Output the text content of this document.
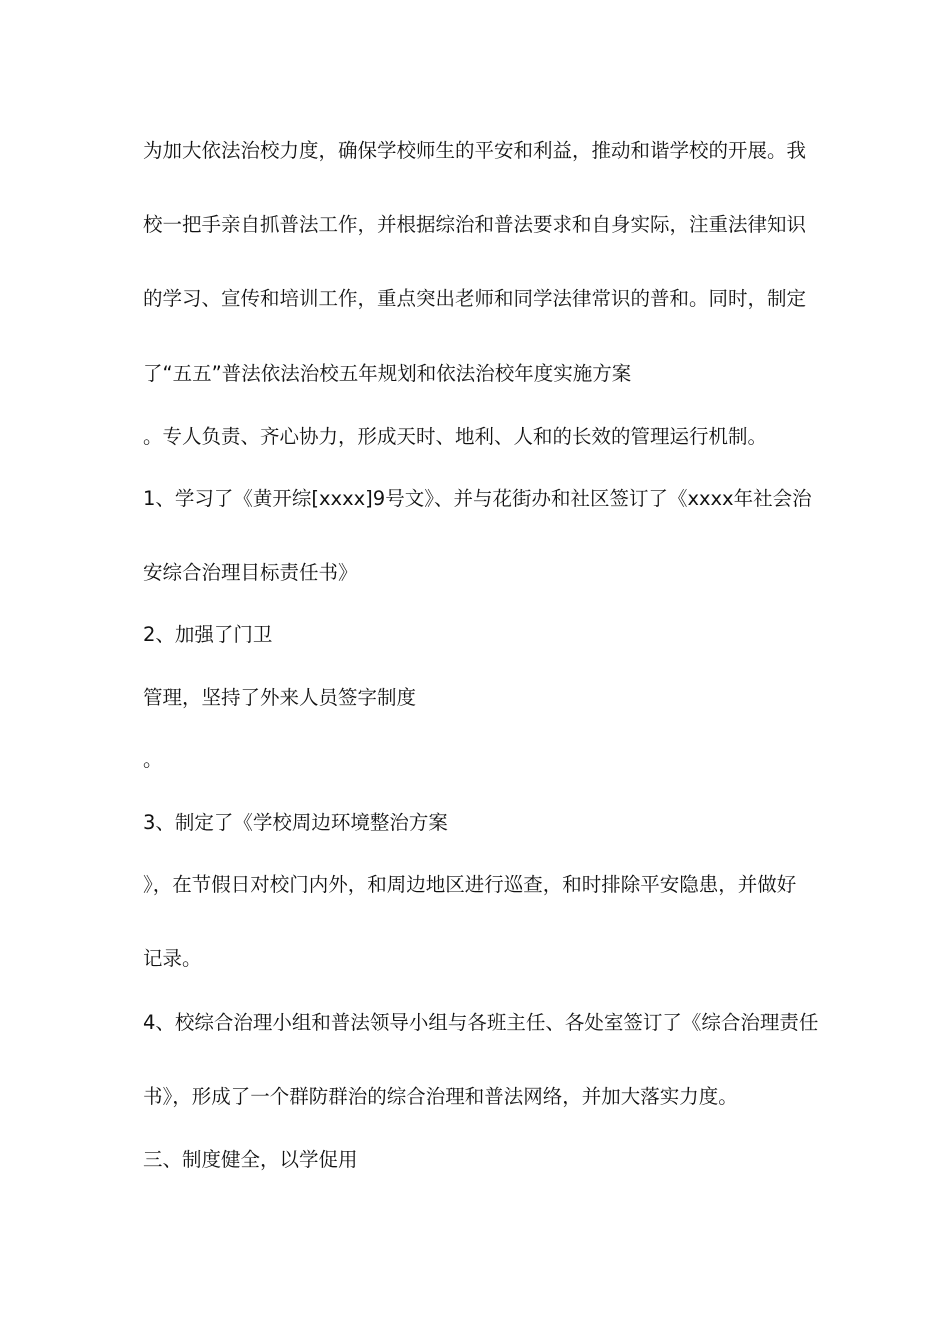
为加大依法治校力度，确保学校师生的平安和利益，推动和谐学校的开展。我
校一把手亲自抓普法工作，并根据综治和普法要求和自身实际，注重法律知识
的学习、宣传和培训工作，重点突出老师和同学法律常识的普和。同时，制定
了“五五”普法依法治校五年规划和依法治校年度实施方案
。专人负责、齐心协力，形成天时、地利、人和的长效的管理运行机制。
1、学习了《黄开综[xxxx]9号文》、并与花街办和社区签订了《xxxx年社会治
安综合治理目标责任书》
2、加强了门卫
管理，坚持了外来人员签字制度
。
3、制定了《学校周边环境整治方案
》，在节假日对校门内外，和周边地区进行巡查，和时排除平安隐患，并做好
记录。
4、校综合治理小组和普法领导小组与各班主任、各处室签订了《综合治理责任
书》，形成了一个群防群治的综合治理和普法网络，并加大落实力度。
三、制度健全，以学促用
